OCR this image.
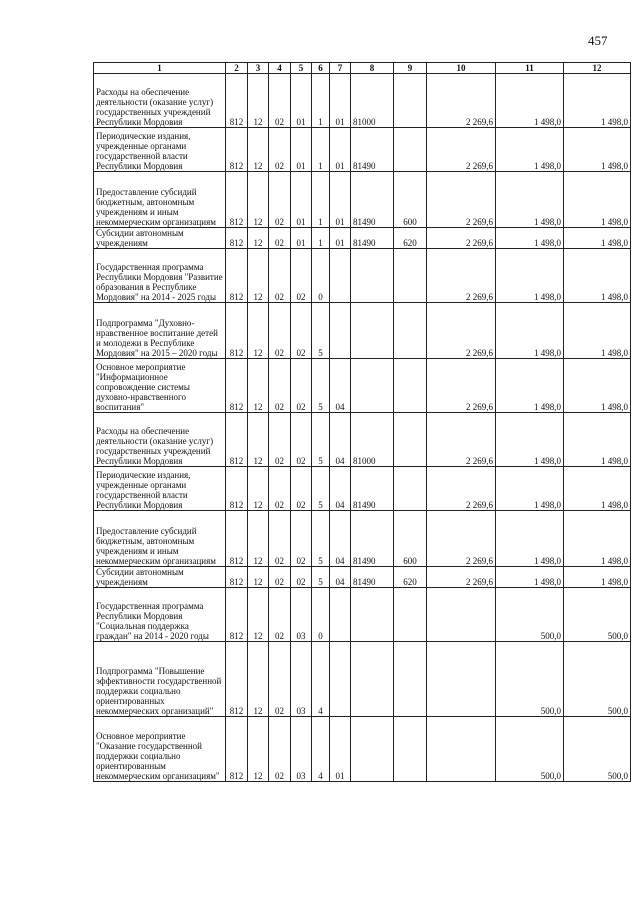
457
1	2	3	4	5	6	7	8	9	10	11	12
Расходы на обеспечение деятельности (оказание услуг) государственных учреждений Республики Мордовия	812	12	02	01	1	01	81000		2 269,6	1 498,0	1 498,0
Периодические издания, учрежденные органами государственной власти Республики Мордовия	812	12	02	01	1	01	81490		2 269,6	1 498,0	1 498,0
Предоставление субсидий бюджетным, автономным учреждениям и иным некоммерческим организациям	812	12	02	01	1	01	81490	600	2 269,6	1 498,0	1 498,0
Субсидии автономным учреждениям	812	12	02	01	1	01	81490	620	2 269,6	1 498,0	1 498,0
Государственная программа Республики Мордовия "Развитие образования в Республике Мордовия" на 2014 - 2025 годы	812	12	02	02	0				2 269,6	1 498,0	1 498,0
Подпрограмма "Духовно-нравственное воспитание детей и молодежи в Республике Мордовия" на 2015 – 2020 годы	812	12	02	02	5				2 269,6	1 498,0	1 498,0
Основное мероприятие "Информационное сопровождение системы духовно-нравственного воспитания"	812	12	02	02	5	04			2 269,6	1 498,0	1 498,0
Расходы на обеспечение деятельности (оказание услуг) государственных учреждений Республики Мордовия	812	12	02	02	5	04	81000		2 269,6	1 498,0	1 498,0
Периодические издания, учрежденные органами государственной власти Республики Мордовия	812	12	02	02	5	04	81490		2 269,6	1 498,0	1 498,0
Предоставление субсидий бюджетным, автономным учреждениям и иным некоммерческим организациям	812	12	02	02	5	04	81490	600	2 269,6	1 498,0	1 498,0
Субсидии автономным учреждениям	812	12	02	02	5	04	81490	620	2 269,6	1 498,0	1 498,0
Государственная программа Республики Мордовия "Социальная поддержка граждан" на 2014 - 2020 годы	812	12	02	03	0					500,0	500,0
Подпрограмма "Повышение эффективности государственной поддержки социально ориентированных некоммерческих организаций"	812	12	02	03	4					500,0	500,0
Основное мероприятие "Оказание государственной поддержки социально ориентированным некоммерческим организациям"	812	12	02	03	4	01				500,0	500,0
